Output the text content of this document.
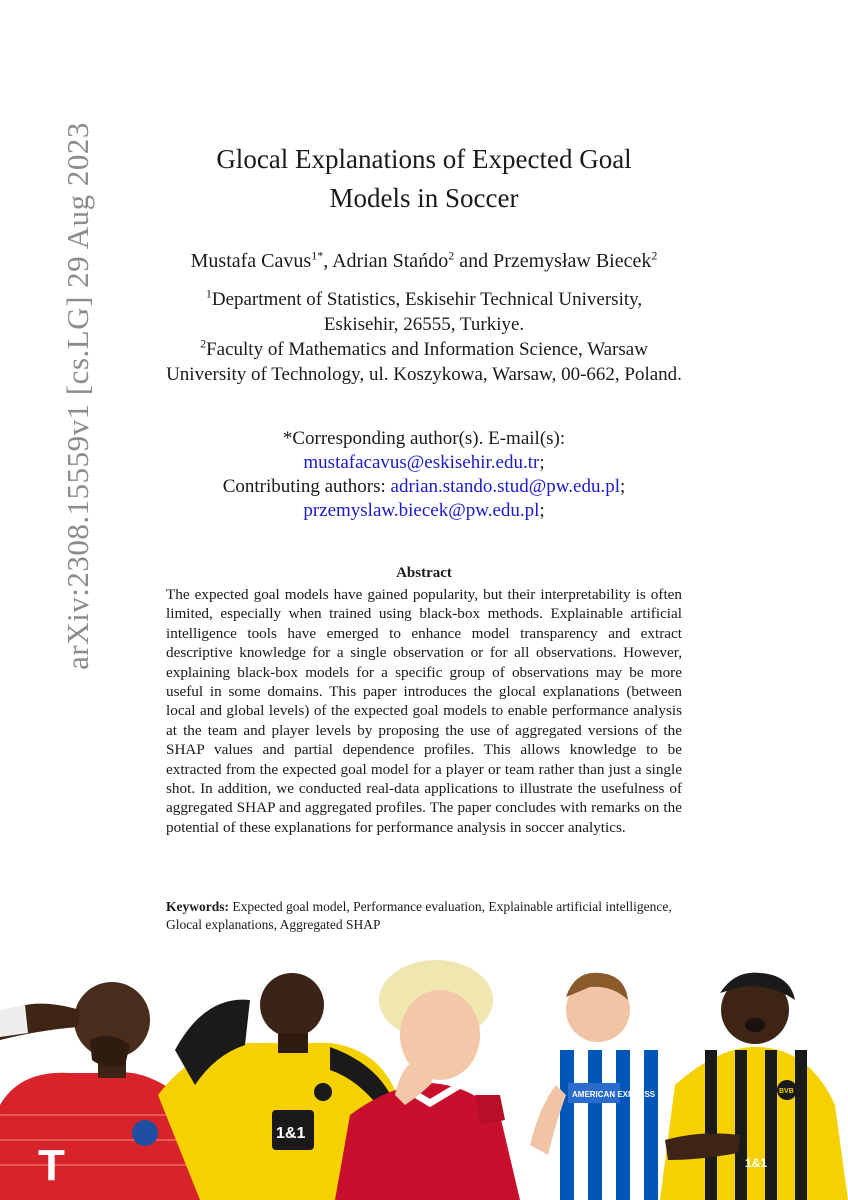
arXiv:2308.15559v1 [cs.LG] 29 Aug 2023	Glocal Explanations of Expected Goal
Models in Soccer
Mustafa Cavus$^{1*}$, Adrian Stańdo$^2$ and Przemysław Biecek$^2$
$^1$Department of Statistics, Eskisehir Technical University,
Eskisehir, 26555, Turkiye.
$^2$Faculty of Mathematics and Information Science, Warsaw
University of Technology, ul. Koszykowa, Warsaw, 00-662, Poland.
*Corresponding author(s). E-mail(s):
mustafacavus@eskisehir.edu.tr;
Contributing authors: adrian.stando.stud@pw.edu.pl;
przemyslaw.biecek@pw.edu.pl;
Abstract

The expected goal models have gained popularity, but their interpretability is often limited, especially when trained using black-box methods. Explainable artificial intelligence tools have emerged to enhance model transparency and extract descriptive knowledge for a single observation or for all observations. However, explaining black-box models for a specific group of observations may be more useful in some domains. This paper introduces the glocal explanations (between local and global levels) of the expected goal models to enable performance analysis at the team and player levels by proposing the use of aggregated versions of the SHAP values and partial dependence profiles. This allows knowledge to be extracted from the expected goal model for a player or team rather than just a single shot. In addition, we conducted real-data applications to illustrate the usefulness of aggregated SHAP and aggregated profiles. The paper concludes with remarks on the potential of these explanations for performance analysis in soccer analytics.

Keywords: Expected goal model, Performance evaluation, Explainable artificial intelligence, Glocal explanations, Aggregated SHAP

T
1&1
AMERICAN EXPRESS	BVB
1&1
